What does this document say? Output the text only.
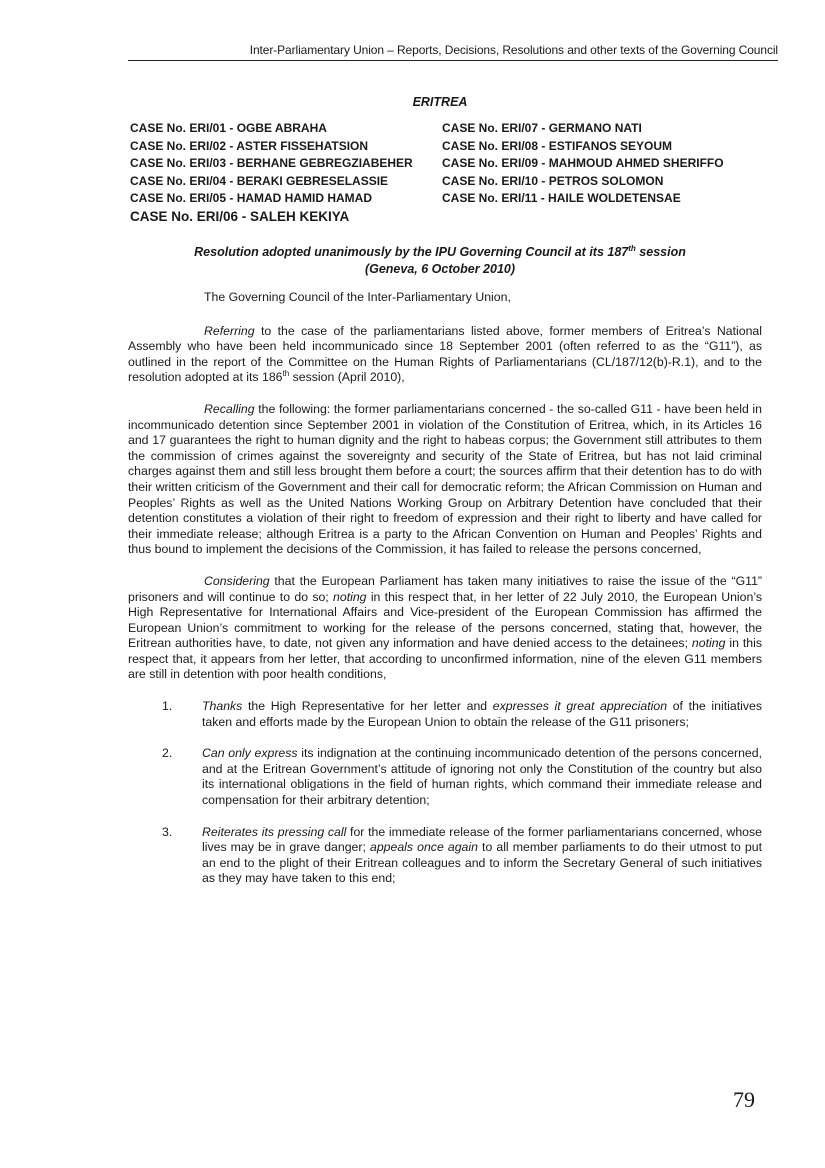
Inter-Parliamentary Union – Reports, Decisions, Resolutions and other texts of the Governing Council
ERITREA
CASE No. ERI/01 - OGBE ABRAHA
CASE No. ERI/02 - ASTER FISSEHATSION
CASE No. ERI/03 - BERHANE GEBREGZIABEHER
CASE No. ERI/04 - BERAKI GEBRESELASSIE
CASE No. ERI/05 - HAMAD HAMID HAMAD
CASE No. ERI/06 - SALEH KEKIYA
CASE No. ERI/07 - GERMANO NATI
CASE No. ERI/08 - ESTIFANOS SEYOUM
CASE No. ERI/09 - MAHMOUD AHMED SHERIFFO
CASE No. ERI/10 - PETROS SOLOMON
CASE No. ERI/11 - HAILE WOLDETENSAE
Resolution adopted unanimously by the IPU Governing Council at its 187th session
(Geneva, 6 October 2010)

The Governing Council of the Inter-Parliamentary Union,

Referring to the case of the parliamentarians listed above, former members of Eritrea’s National Assembly who have been held incommunicado since 18 September 2001 (often referred to as the “G11”), as outlined in the report of the Committee on the Human Rights of Parliamentarians (CL/187/12(b)-R.1), and to the resolution adopted at its 186th session (April 2010),

Recalling the following: the former parliamentarians concerned - the so-called G11 - have been held in incommunicado detention since September 2001 in violation of the Constitution of Eritrea, which, in its Articles 16 and 17 guarantees the right to human dignity and the right to habeas corpus; the Government still attributes to them the commission of crimes against the sovereignty and security of the State of Eritrea, but has not laid criminal charges against them and still less brought them before a court; the sources affirm that their detention has to do with their written criticism of the Government and their call for democratic reform; the African Commission on Human and Peoples’ Rights as well as the United Nations Working Group on Arbitrary Detention have concluded that their detention constitutes a violation of their right to freedom of expression and their right to liberty and have called for their immediate release; although Eritrea is a party to the African Convention on Human and Peoples’ Rights and thus bound to implement the decisions of the Commission, it has failed to release the persons concerned,

Considering that the European Parliament has taken many initiatives to raise the issue of the “G11” prisoners and will continue to do so; noting in this respect that, in her letter of 22 July 2010, the European Union’s High Representative for International Affairs and Vice-president of the European Commission has affirmed the European Union’s commitment to working for the release of the persons concerned, stating that, however, the Eritrean authorities have, to date, not given any information and have denied access to the detainees; noting in this respect that, it appears from her letter, that according to unconfirmed information, nine of the eleven G11 members are still in detention with poor health conditions,

1. Thanks the High Representative for her letter and expresses it great appreciation of the initiatives taken and efforts made by the European Union to obtain the release of the G11 prisoners;
2. Can only express its indignation at the continuing incommunicado detention of the persons concerned, and at the Eritrean Government’s attitude of ignoring not only the Constitution of the country but also its international obligations in the field of human rights, which command their immediate release and compensation for their arbitrary detention;
3. Reiterates its pressing call for the immediate release of the former parliamentarians concerned, whose lives may be in grave danger; appeals once again to all member parliaments to do their utmost to put an end to the plight of their Eritrean colleagues and to inform the Secretary General of such initiatives as they may have taken to this end;
79
